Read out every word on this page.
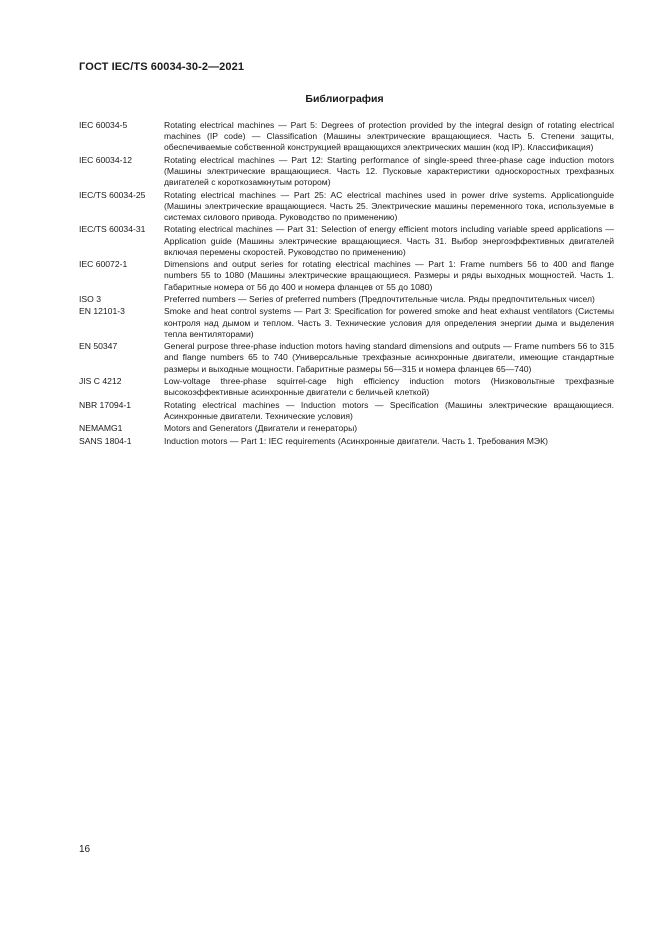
ГОСТ IEC/TS 60034-30-2—2021
Библиография
IEC 60034-5	Rotating electrical machines — Part 5: Degrees of protection provided by the integral design of rotating electrical machines (IP code) — Classification (Машины электрические вращающиеся. Часть 5. Степени защиты, обеспечиваемые собственной конструкцией вращающихся электрических машин (код IP). Классификация)
IEC 60034-12	Rotating electrical machines — Part 12: Starting performance of single-speed three-phase cage induction motors (Машины электрические вращающиеся. Часть 12. Пусковые характеристики односкоростных трехфазных двигателей с короткозамкнутым ротором)
IEC/TS 60034-25	Rotating electrical machines — Part 25: AC electrical machines used in power drive systems. Applicationguide (Машины электрические вращающиеся. Часть 25. Электрические машины переменного тока, используемые в системах силового привода. Руководство по применению)
IEC/TS 60034-31	Rotating electrical machines — Part 31: Selection of energy efficient motors including variable speed applications — Application guide (Машины электрические вращающиеся. Часть 31. Выбор энергоэффективных двигателей включая перемены скоростей. Руководство по применению)
IEC 60072-1	Dimensions and output series for rotating electrical machines — Part 1: Frame numbers 56 to 400 and flange numbers 55 to 1080 (Машины электрические вращающиеся. Размеры и ряды выходных мощностей. Часть 1. Габаритные номера от 56 до 400 и номера фланцев от 55 до 1080)
ISO 3	Preferred numbers — Series of preferred numbers (Предпочтительные числа. Ряды предпочтительных чисел)
EN 12101-3	Smoke and heat control systems — Part 3: Specification for powered smoke and heat exhaust ventilators (Системы контроля над дымом и теплом. Часть 3. Технические условия для определения энергии дыма и выделения тепла вентиляторами)
EN 50347	General purpose three-phase induction motors having standard dimensions and outputs — Frame numbers 56 to 315 and flange numbers 65 to 740 (Универсальные трехфазные асинхронные двигатели, имеющие стандартные размеры и выходные мощности. Габаритные размеры 56—315 и номера фланцев 65—740)
JIS C 4212	Low-voltage three-phase squirrel-cage high efficiency induction motors (Низковольтные трехфазные высокоэффективные асинхронные двигатели с беличьей клеткой)
NBR 17094-1	Rotating electrical machines — Induction motors — Specification (Машины электрические вращающиеся. Асинхронные двигатели. Технические условия)
NEMAMG1	Motors and Generators (Двигатели и генераторы)
SANS 1804-1	Induction motors — Part 1: IEC requirements (Асинхронные двигатели. Часть 1. Требования МЭК)
16
